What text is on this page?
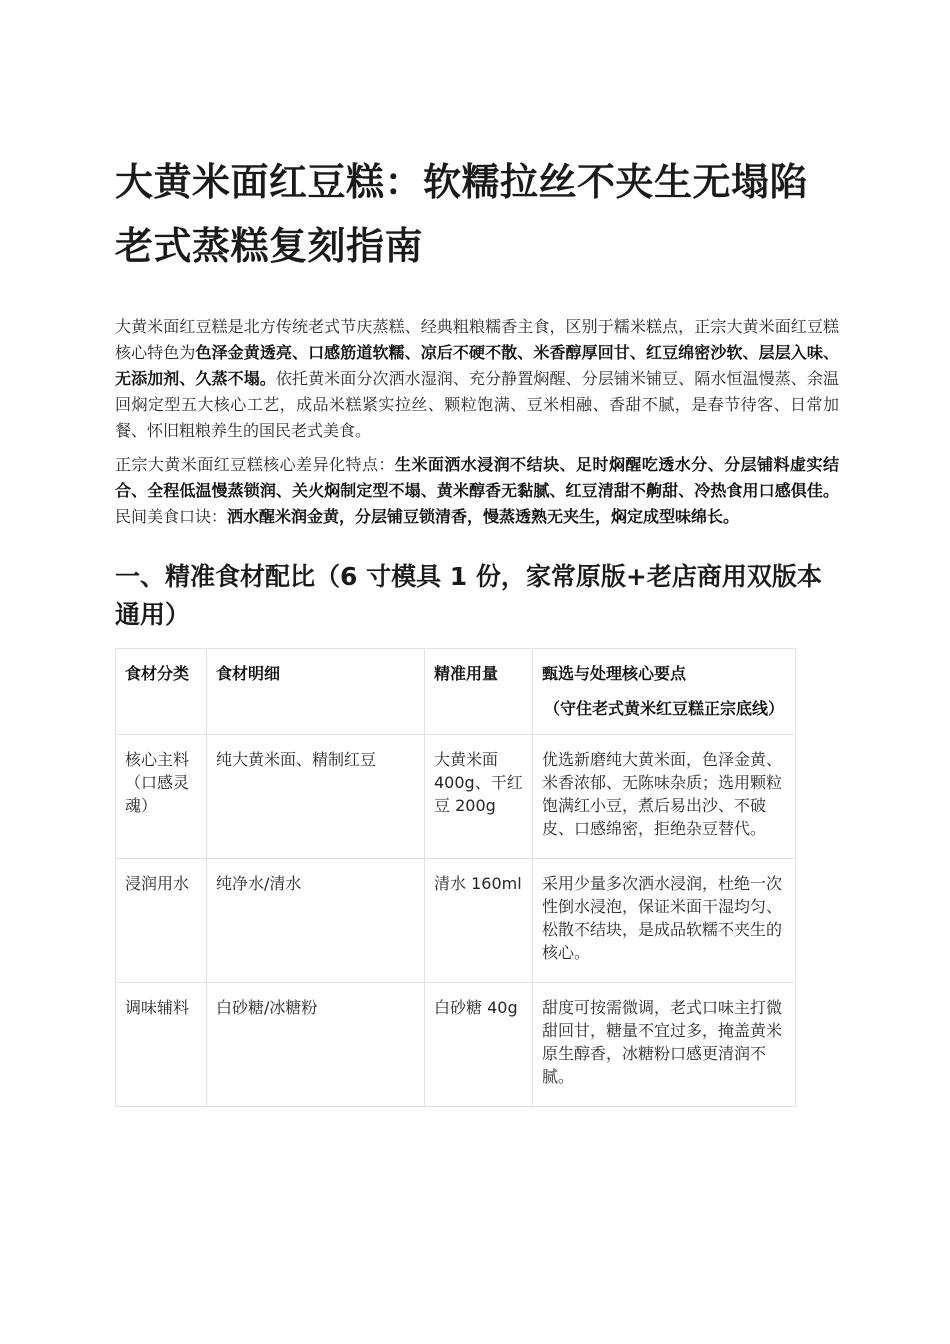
大黄米面红豆糕：软糯拉丝不夹生无塌陷老式蒸糕复刻指南

大黄米面红豆糕是北方传统老式节庆蒸糕、经典粗粮糯香主食，区别于糯米糕点，正宗大黄米面红豆糕核心特色为色泽金黄透亮、口感筋道软糯、凉后不硬不散、米香醇厚回甘、红豆绵密沙软、层层入味、无添加剂、久蒸不塌。依托黄米面分次洒水湿润、充分静置焖醒、分层铺米铺豆、隔水恒温慢蒸、余温回焖定型五大核心工艺，成品米糕紧实拉丝、颗粒饱满、豆米相融、香甜不腻，是春节待客、日常加餐、怀旧粗粮养生的国民老式美食。

正宗大黄米面红豆糕核心差异化特点：生米面洒水浸润不结块、足时焖醒吃透水分、分层铺料虚实结合、全程低温慢蒸锁润、关火焖制定型不塌、黄米醇香无黏腻、红豆清甜不齁甜、冷热食用口感俱佳。民间美食口诀：洒水醒米润金黄，分层铺豆锁清香，慢蒸透熟无夹生，焖定成型味绵长。

一、精准食材配比（6 寸模具 1 份，家常原版+老店商用双版本通用）
食材分类	食材明细	精准用量	甄选与处理核心要点
（守住老式黄米红豆糕正宗底线）

核心主料（口感灵魂）	纯大黄米面、精制红豆	大黄米面 400g、干红豆 200g	优选新磨纯大黄米面，色泽金黄、米香浓郁、无陈味杂质；选用颗粒饱满红小豆，煮后易出沙、不破皮、口感绵密，拒绝杂豆替代。
浸润用水	纯净水/清水	清水 160ml	采用少量多次洒水浸润，杜绝一次性倒水浸泡，保证米面干湿均匀、松散不结块，是成品软糯不夹生的核心。
调味辅料	白砂糖/冰糖粉	白砂糖 40g	甜度可按需微调，老式口味主打微甜回甘，糖量不宜过多，掩盖黄米原生醇香，冰糖粉口感更清润不腻。
